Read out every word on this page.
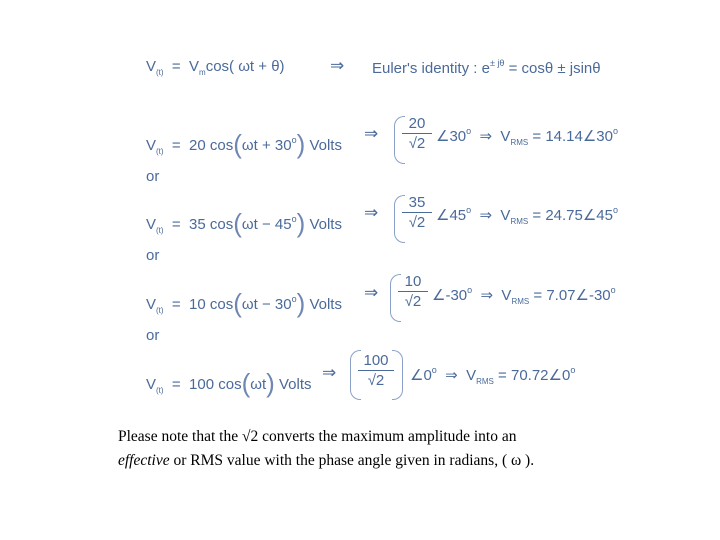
$V_{(t)} = V_m\cos$( ωt + θ)	⇒ Euler's identity : $e^{\pm j\theta} = \cos\theta \pm jsin\theta$
$V_{(t)} = 20$ $\cos(\omega t + 30^o)$ Volts
⇒ $\frac{20}{√2}$ ∠30$^o$ ⇒ $V_{RMS}$ = $14.14\angle 30^o$
or
$V_{(t)} = 35$ $\cos(\omega t - 45^o)$ Volts
⇒ $\frac{35}{√2}$ ∠45$^o$ ⇒ $V_{RMS}$ = $24.75\angle 45^o$
or
$V_{(t)} = 10$ $\cos(\omega t - 30^o)$ Volts
⇒ $\frac{10}{√2}$ ∠-30$^o$ ⇒ $V_{RMS}$ = $7.07\angle-30^o$
or
$V_{(t)} = 100$ cos(ωt) Volts
⇒ $\frac{100}{√2}$ ∠0$^o$ ⇒ $V_{RMS}$ = $70.72\angle 0^o$
Please note that the √2 converts the maximum amplitude into an
effective or RMS value with the phase angle given in radians, ( ω ).
